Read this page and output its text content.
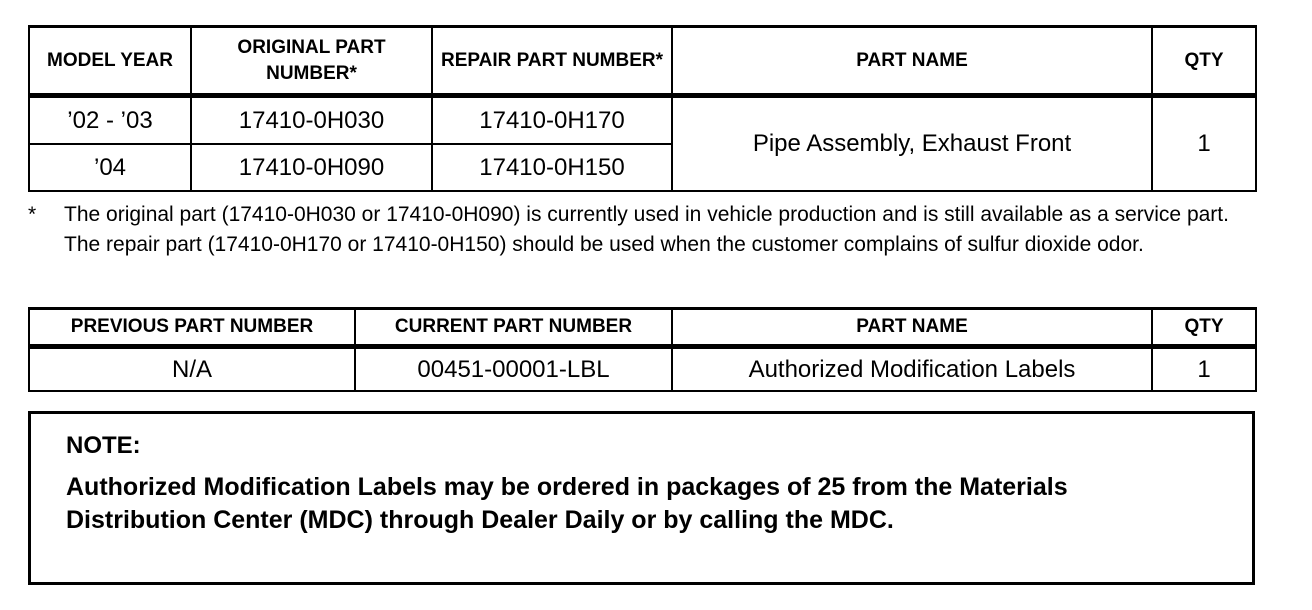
MODEL YEAR	ORIGINAL PART NUMBER*	REPAIR PART NUMBER*	PART NAME	QTY
’02 - ’03	17410-0H030	17410-0H170	Pipe Assembly, Exhaust Front	1
’04	17410-0H090	17410-0H150		
* The original part (17410-0H030 or 17410-0H090) is currently used in vehicle production and is still available as a service part. The repair part (17410-0H170 or 17410-0H150) should be used when the customer complains of sulfur dioxide odor.
PREVIOUS PART NUMBER	CURRENT PART NUMBER	PART NAME	QTY
N/A	00451-00001-LBL	Authorized Modification Labels	1
NOTE:
Authorized Modification Labels may be ordered in packages of 25 from the Materials Distribution Center (MDC) through Dealer Daily or by calling the MDC.
